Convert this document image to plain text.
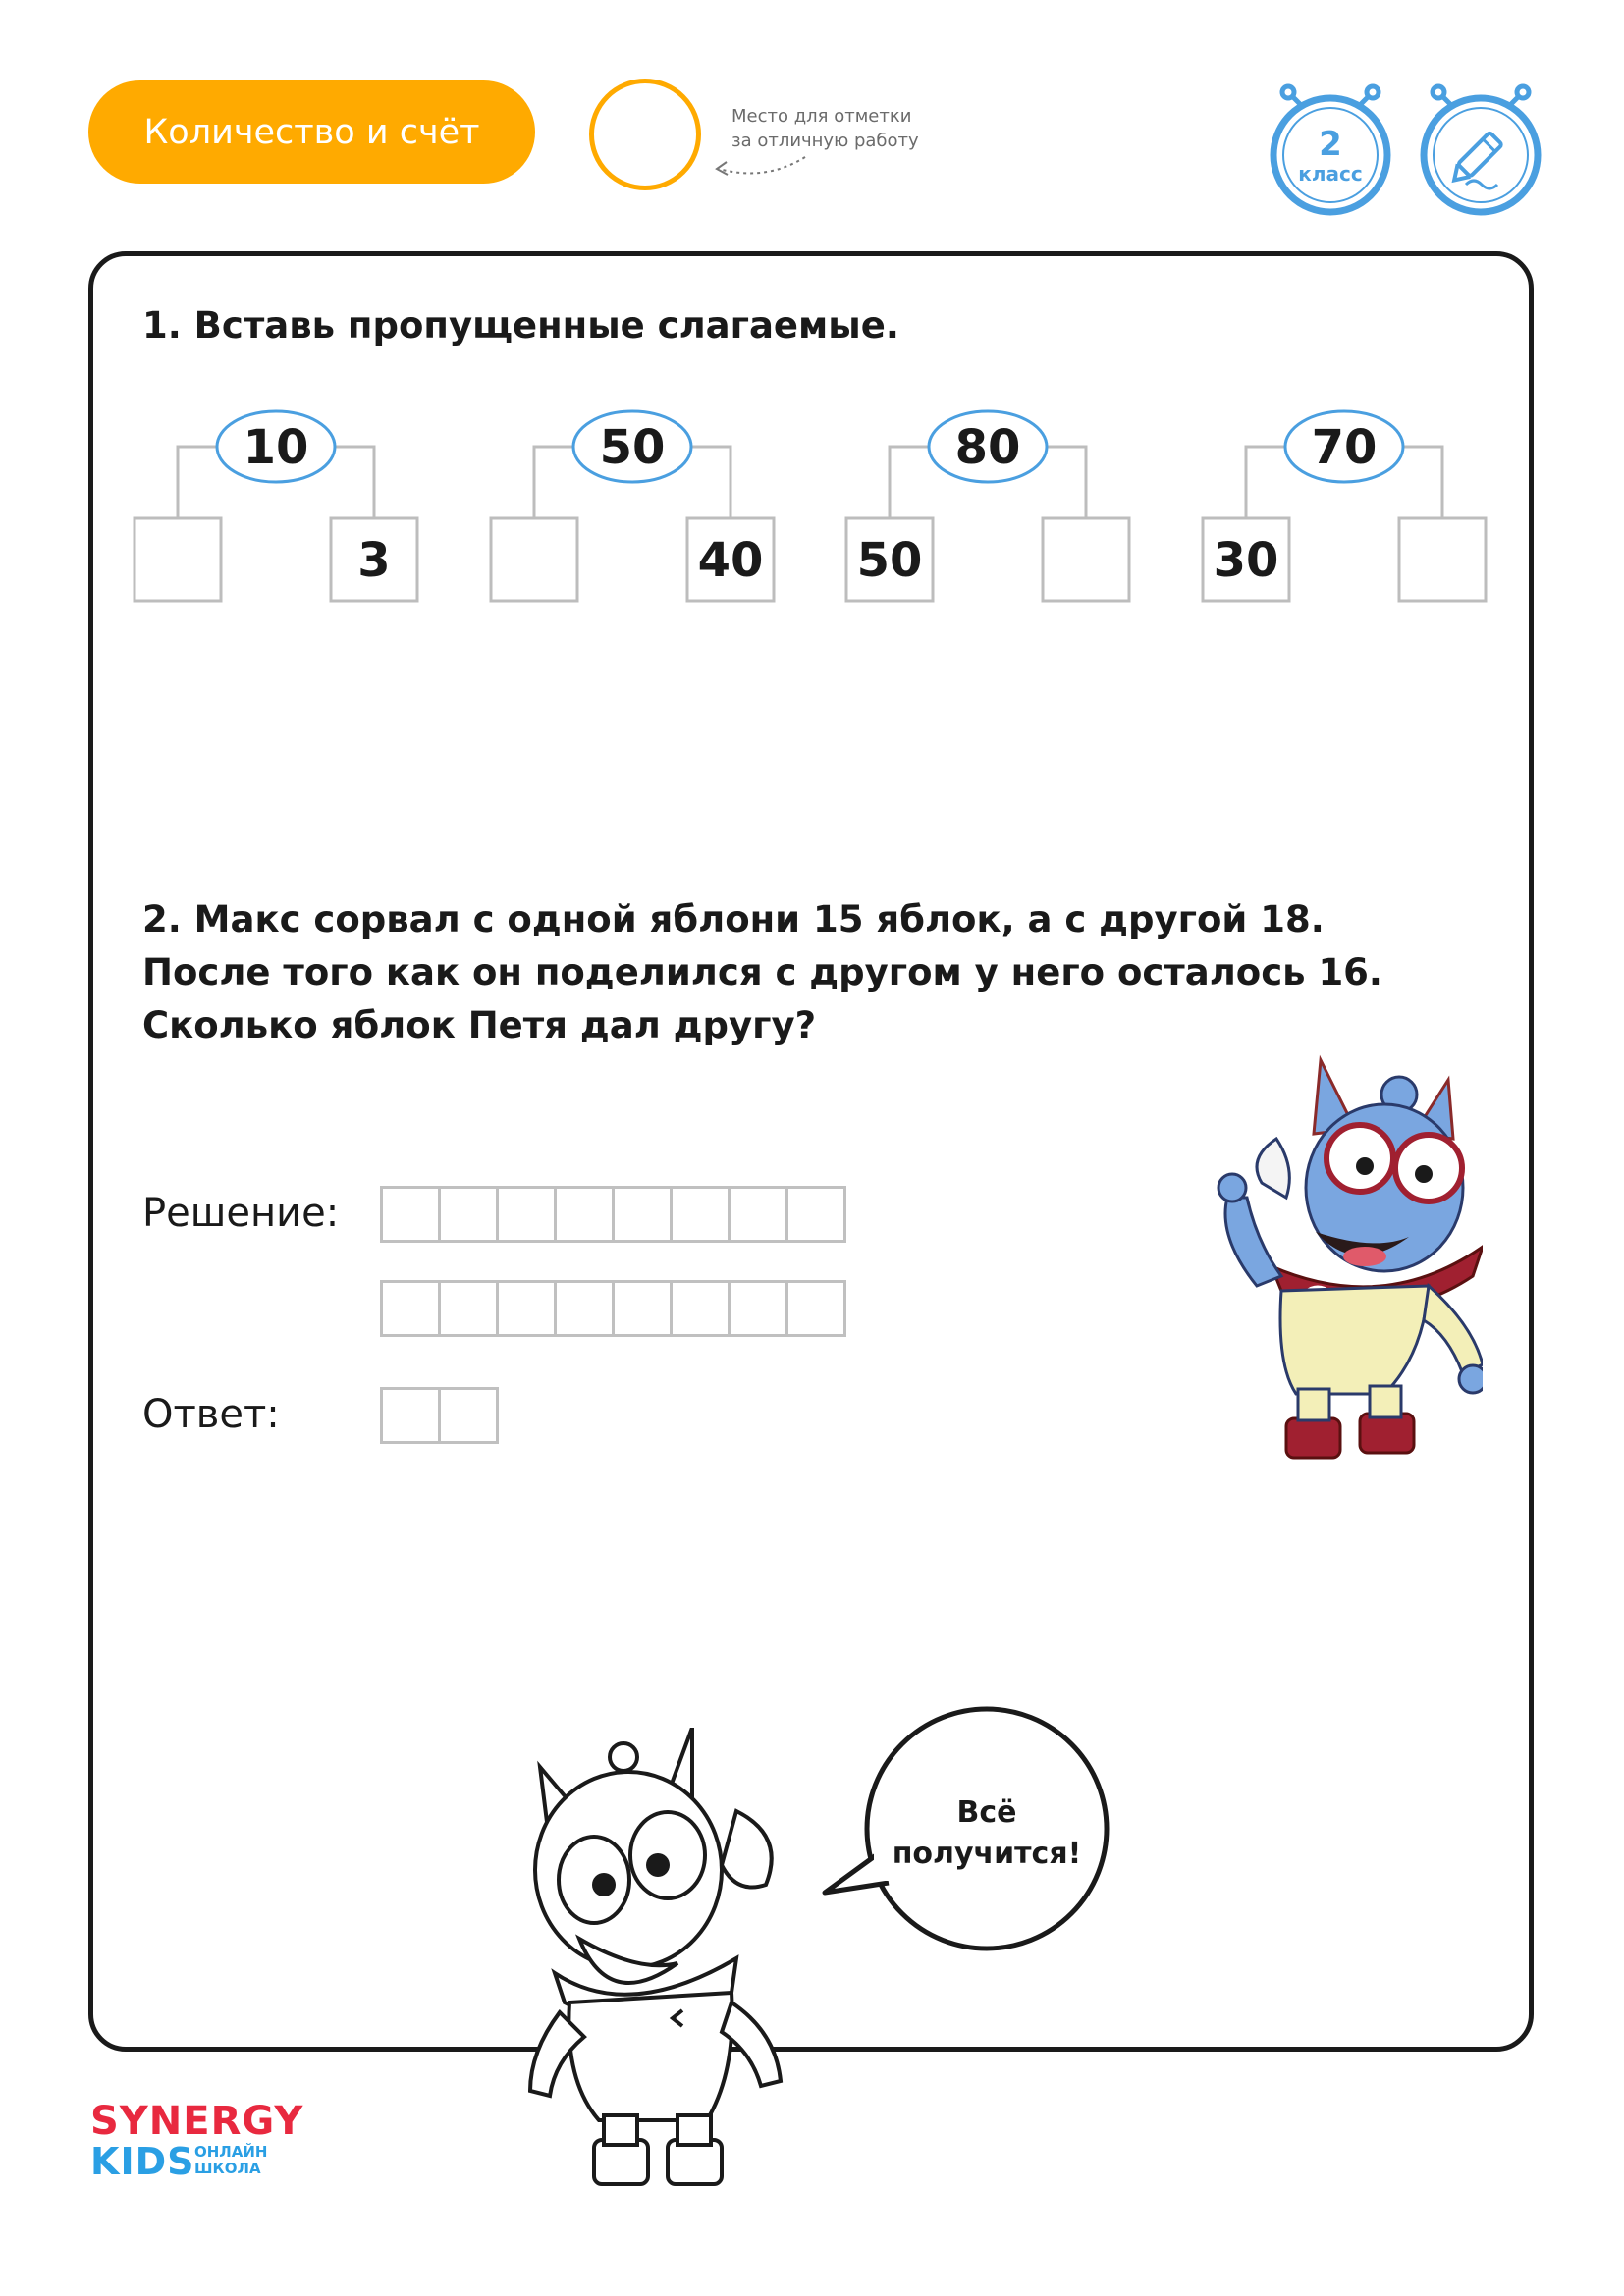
Количество и счёт	Место для отметки
за отличную работу	2
класс
1. Вставь пропущенные слагаемые.
10
3
50
40
80
50
70
30
2. Макс сорвал с одной яблони 15 яблок, а с другой 18.
После того как он поделился с другом у него осталось 16.
Сколько яблок Петя дал другу?
Решение:
Ответ:
Всё
получится!
SYNERGY
KIDS ОНЛАЙН
ШКОЛА
